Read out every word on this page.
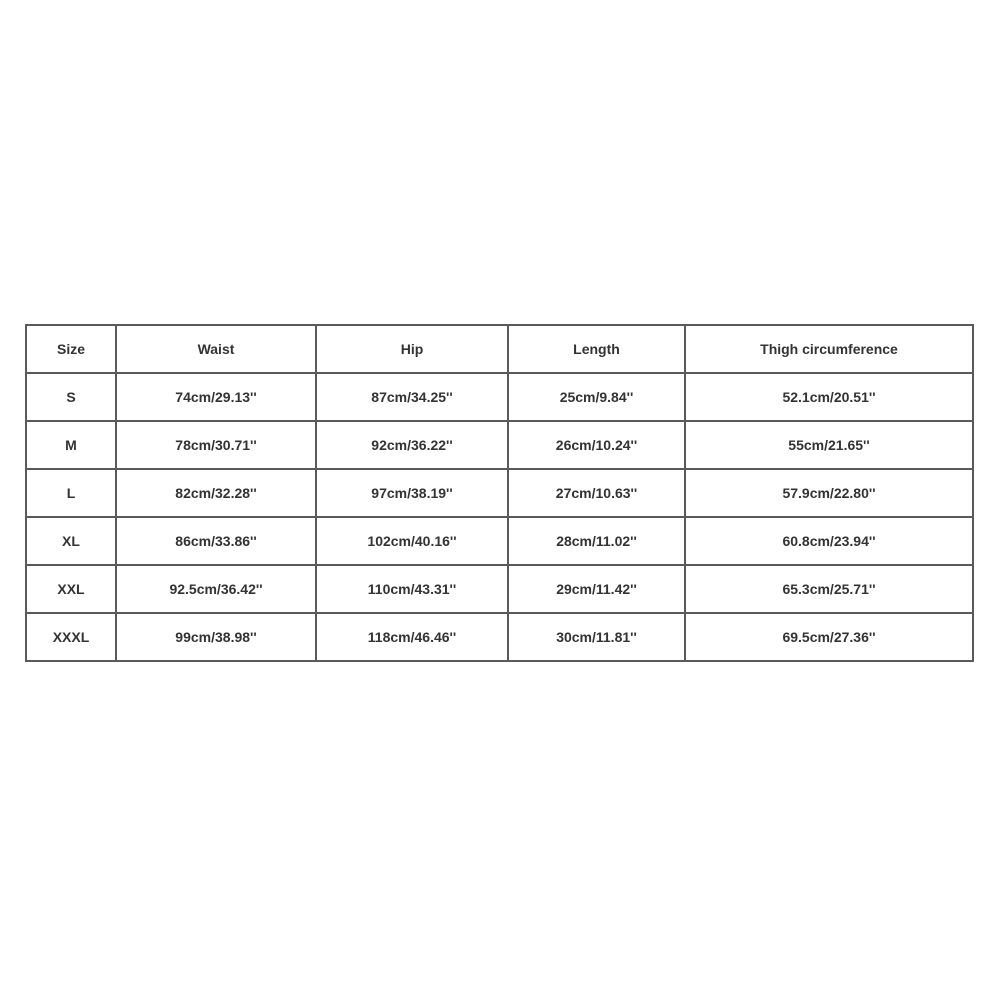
Size	Waist	Hip	Length	Thigh circumference
S	74cm/29.13''	87cm/34.25''	25cm/9.84''	52.1cm/20.51''
M	78cm/30.71''	92cm/36.22''	26cm/10.24''	55cm/21.65''
L	82cm/32.28''	97cm/38.19''	27cm/10.63''	57.9cm/22.80''
XL	86cm/33.86''	102cm/40.16''	28cm/11.02''	60.8cm/23.94''
XXL	92.5cm/36.42''	110cm/43.31''	29cm/11.42''	65.3cm/25.71''
XXXL	99cm/38.98''	118cm/46.46''	30cm/11.81''	69.5cm/27.36''
